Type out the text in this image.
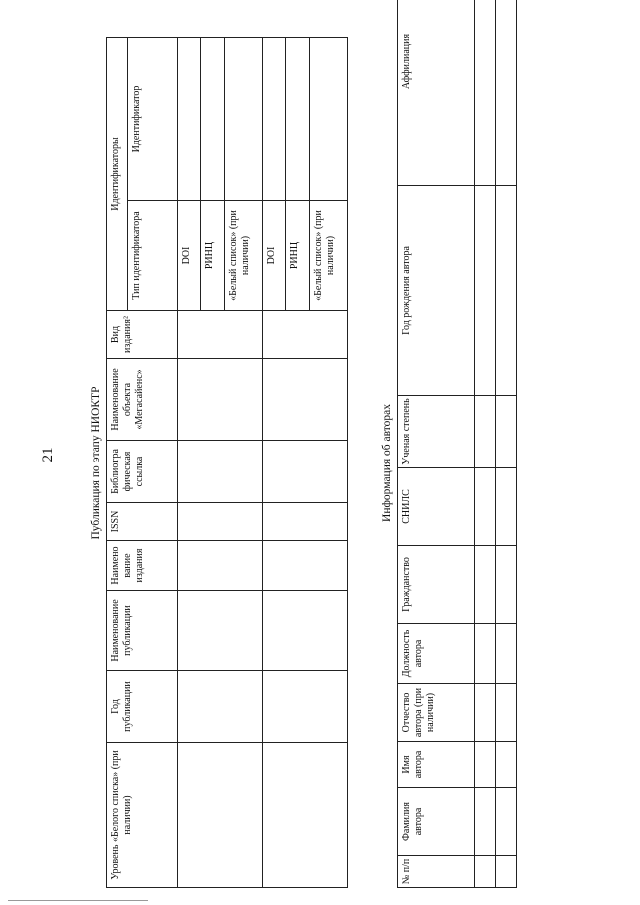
21	Публикация по этапу НИОКТР
Уровень «Белого списка» (при наличии)	Год публикации	Наименование публикации	Наимено вание издания	ISSN	Библиогра фическая ссылка	Наименование объекта «Мегасайенс»	Вид издания²	Идентификаторы	
								Тип идентификатора	Идентификатор
								DOI	
								РИНЦ	
								«Белый список» (при наличии)	
								DOI	
								РИНЦ	
								«Белый список» (при наличии)	
Информация об авторах
№ п/п	Фамилия автора	Имя автора	Отчество автора (при наличии)	Должность автора	Гражданство	СНИЛС	Ученая степень	Год рождения автора	Аффилиация
